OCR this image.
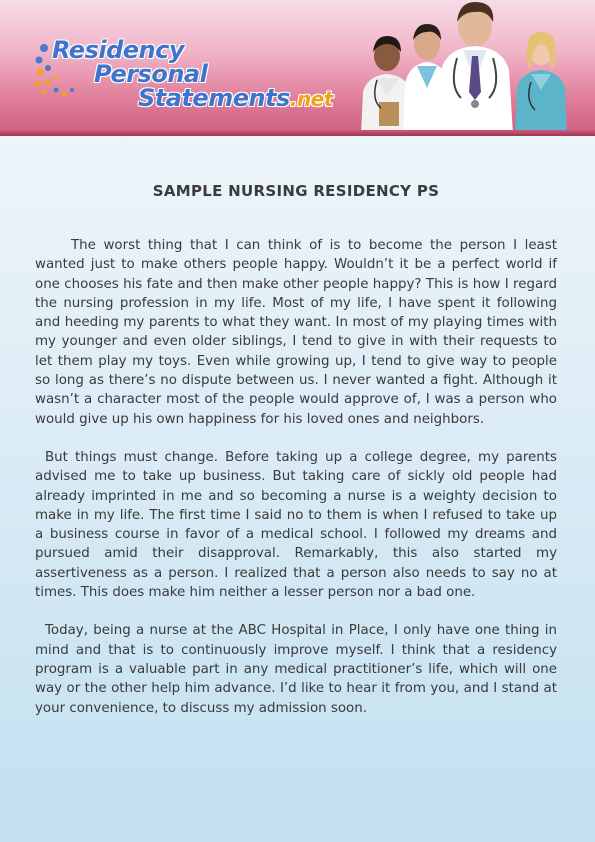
Residency
Personal
Statements.net
SAMPLE NURSING RESIDENCY PS

The worst thing that I can think of is to become the person I least wanted just to make others people happy. Wouldn’t it be a perfect world if one chooses his fate and then make other people happy? This is how I regard the nursing profession in my life. Most of my life, I have spent it following and heeding my parents to what they want. In most of my playing times with my younger and even older siblings, I tend to give in with their requests to let them play my toys. Even while growing up, I tend to give way to people so long as there’s no dispute between us. I never wanted a fight. Although it wasn’t a character most of the people would approve of, I was a person who would give up his own happiness for his loved ones and neighbors.

But things must change. Before taking up a college degree, my parents advised me to take up business. But taking care of sickly old people had already imprinted in me and so becoming a nurse is a weighty decision to make in my life. The first time I said no to them is when I refused to take up a business course in favor of a medical school. I followed my dreams and pursued amid their disapproval. Remarkably, this also started my assertiveness as a person. I realized that a person also needs to say no at times. This does make him neither a lesser person nor a bad one.

Today, being a nurse at the ABC Hospital in Place, I only have one thing in mind and that is to continuously improve myself. I think that a residency program is a valuable part in any medical practitioner’s life, which will one way or the other help him advance. I’d like to hear it from you, and I stand at your convenience, to discuss my admission soon.
